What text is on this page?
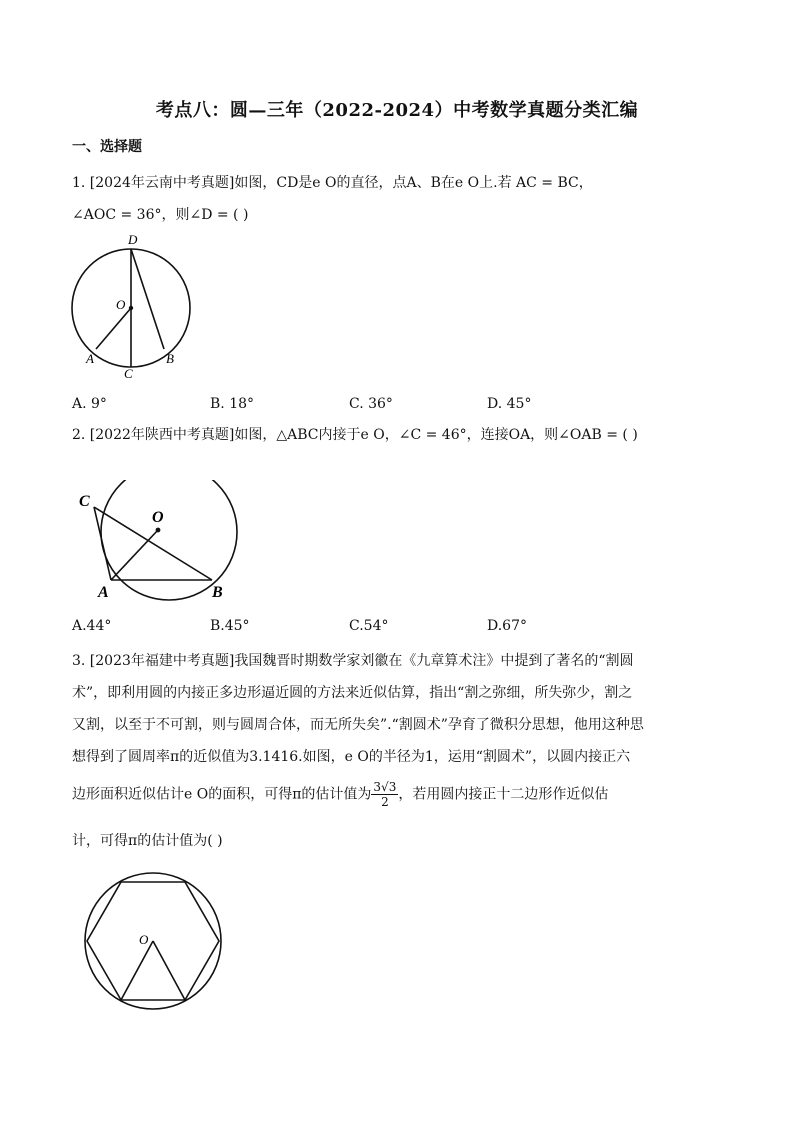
考点八：圆—三年（2022-2024）中考数学真题分类汇编
一、选择题
1. [2024年云南中考真题]如图，CD是e O的直径，点A、B在e O上.若 AC = BC，
∠AOC = 36°，则∠D = ( )
D
O
A	B
C
A. 9°	B. 18°	C. 36°	D. 45°
2. [2022年陕西中考真题]如图，△ABC内接于e O，∠C = 46°，连接OA，则∠OAB = ( )
C
O
A	B
A.44°	B.45°	C.54°	D.67°
3. [2023年福建中考真题]我国魏晋时期数学家刘徽在《九章算术注》中提到了著名的“割圆
术”，即利用圆的内接正多边形逼近圆的方法来近似估算，指出“割之弥细，所失弥少，割之
又割，以至于不可割，则与圆周合体，而无所失矣”.“割圆术”孕育了微积分思想，他用这种思
想得到了圆周率π的近似值为3.1416.如图，e O的半径为1，运用“割圆术”，以圆内接正六
边形面积近似估计e O的面积，可得π的估计值为 $\frac{3√3}{2}$ ，若用圆内接正十二边形作近似估
计，可得π的估计值为( )
O
